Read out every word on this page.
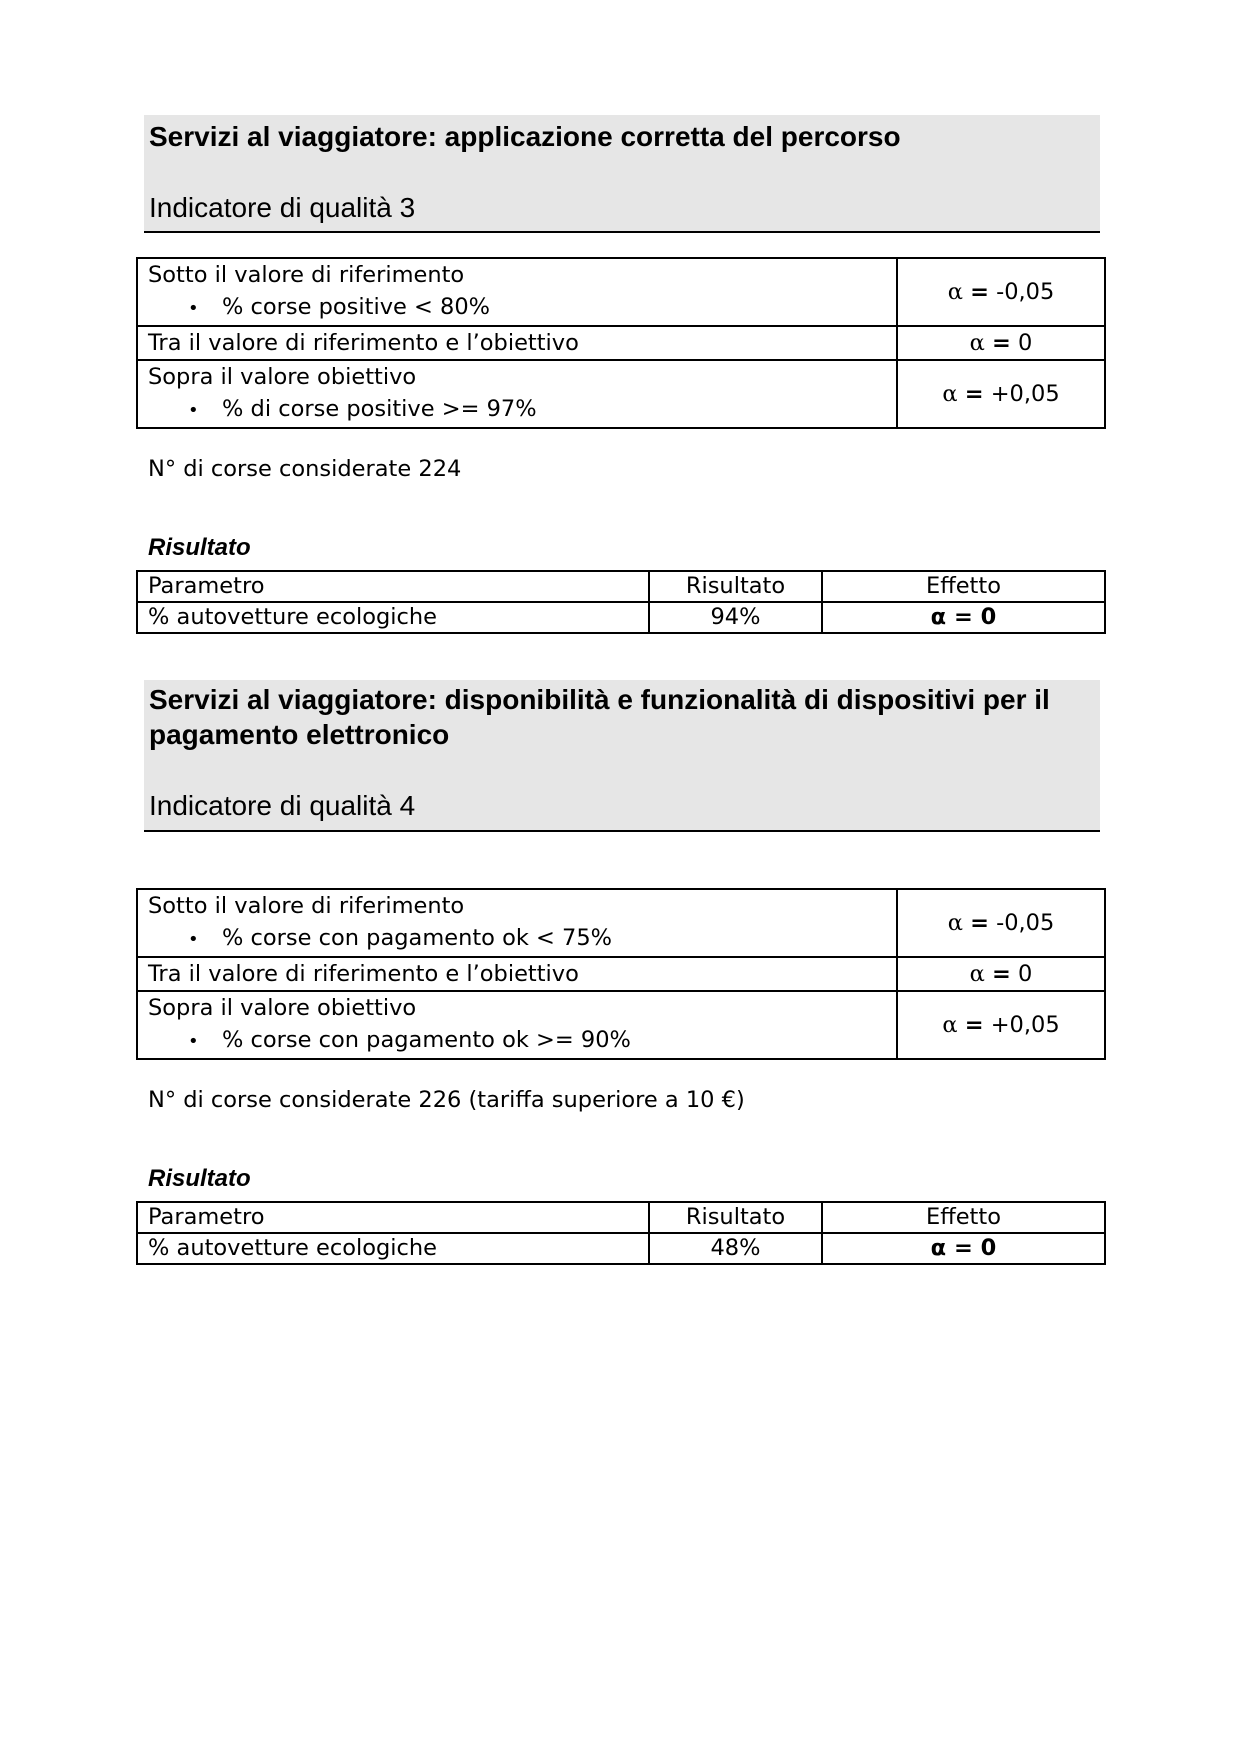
Servizi al viaggiatore: applicazione corretta del percorso

Indicatore di qualità 3

Sotto il valore di riferimento
• % corse positive < 80%	α = -0,05

Tra il valore di riferimento e l’obiettivo	α = 0

Sopra il valore obiettivo
• % di corse positive >= 97%	α = +0,05
N° di corse considerate 224
Risultato
Parametro	Risultato	Effetto
% autovetture ecologiche	94%	α = 0

Servizi al viaggiatore: disponibilità e funzionalità di dispositivi per il pagamento elettronico

Indicatore di qualità 4

Sotto il valore di riferimento
• % corse con pagamento ok < 75%	α = -0,05

Tra il valore di riferimento e l’obiettivo	α = 0

Sopra il valore obiettivo
• % corse con pagamento ok >= 90%	α = +0,05
N° di corse considerate 226 (tariffa superiore a 10 €)
Risultato
Parametro	Risultato	Effetto
% autovetture ecologiche	48%	α = 0
